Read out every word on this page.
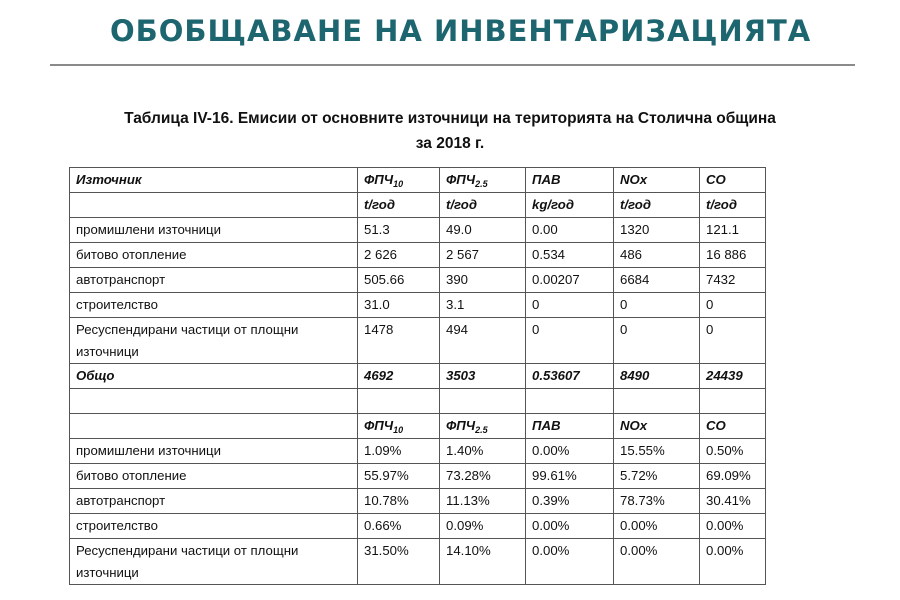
ОБОБЩАВАНЕ НА ИНВЕНТАРИЗАЦИЯТА
Таблица IV-16. Емисии от основните източници на територията на Столична община
за 2018 г.
Източник	$ФПЧ_{10}$	$ФПЧ_{2.5}$	ПАВ	NOx	CO
	t/год	t/год	kg/год	t/год	t/год
промишлени източници	51.3	49.0	0.00	1320	121.1
битово отопление	2 626	2 567	0.534	486	16 886
автотранспорт	505.66	390	0.00207	6684	7432
строителство	31.0	3.1	0	0	0
Ресуспендирани частици от площни източници	1478	494	0	0	0
Общо	4692	3503	0.53607	8490	24439

	$ФПЧ_{10}$	$ФПЧ_{2.5}$	ПАВ	NOx	CO
промишлени източници	1.09%	1.40%	0.00%	15.55%	0.50%
битово отопление	55.97%	73.28%	99.61%	5.72%	69.09%
автотранспорт	10.78%	11.13%	0.39%	78.73%	30.41%
строителство	0.66%	0.09%	0.00%	0.00%	0.00%
Ресуспендирани частици от площни източници	31.50%	14.10%	0.00%	0.00%	0.00%
